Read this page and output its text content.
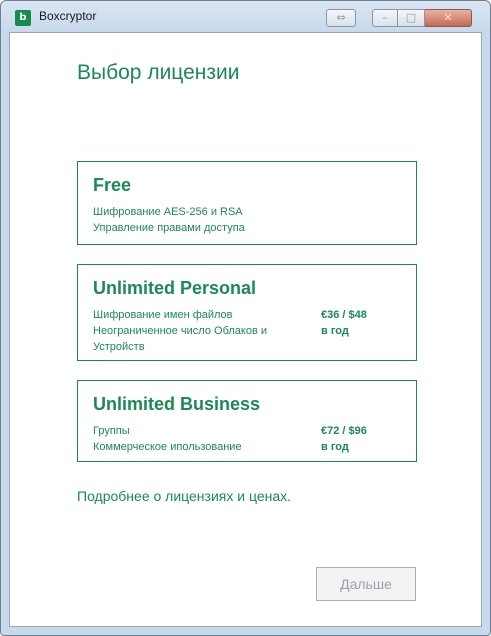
b	Boxcryptor	⇔	–	□	✕
Выбор лицензии
Free
Шифрование AES-256 и RSA
Управление правами доступа
Unlimited Personal
Шифрование имен файлов
Неограниченное число Облаков и Устройств
€36 / $48
в год
Unlimited Business
Группы
Коммерческое ипользование
€72 / $96
в год
Подробнее о лицензиях и ценах.
Дальше
